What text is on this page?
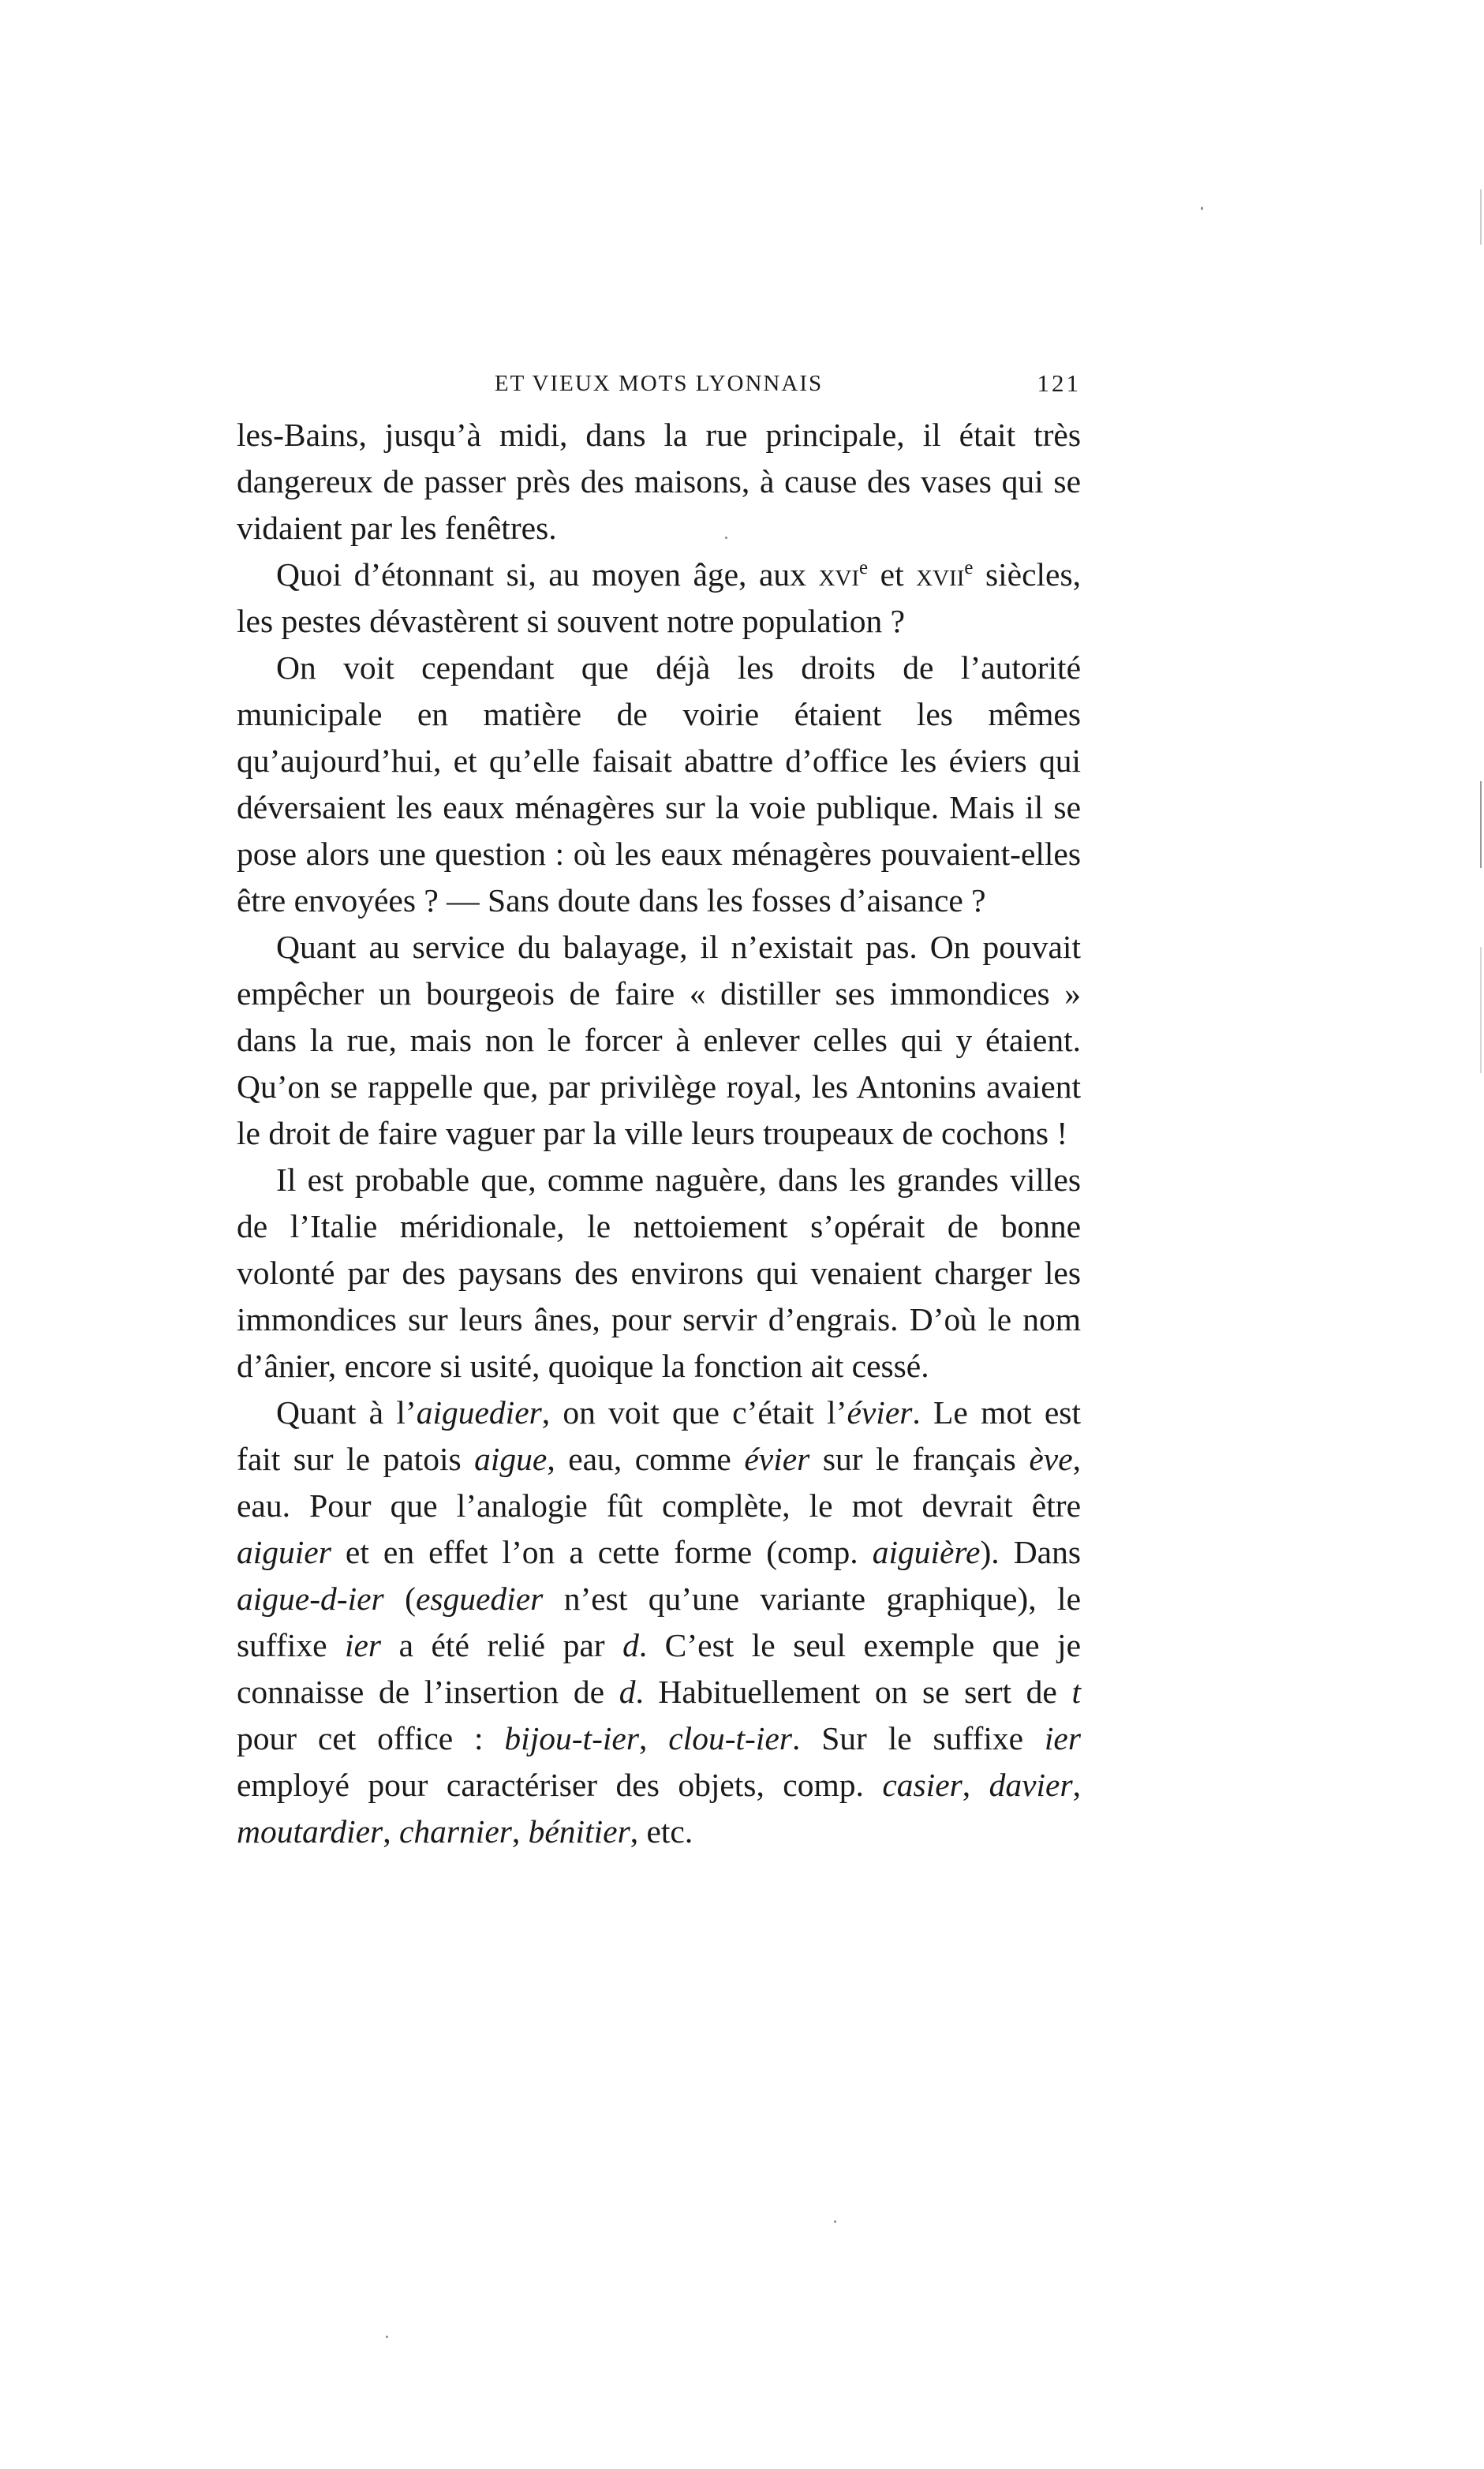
ET VIEUX MOTS LYONNAIS	121

les-Bains, jusqu’à midi, dans la rue principale, il était très dangereux de passer près des maisons, à cause des vases qui se vidaient par les fenêtres.

Quoi d’étonnant si, au moyen âge, aux xvi$^e$ et xvii$^e$ siècles, les pestes dévastèrent si souvent notre population ?

On voit cependant que déjà les droits de l’autorité municipale en matière de voirie étaient les mêmes qu’aujourd’hui, et qu’elle faisait abattre d’office les éviers qui déversaient les eaux ménagères sur la voie publique. Mais il se pose alors une question : où les eaux ménagères pouvaient-elles être envoyées ? — Sans doute dans les fosses d’aisance ?

Quant au service du balayage, il n’existait pas. On pouvait empêcher un bourgeois de faire « distiller ses immondices » dans la rue, mais non le forcer à enlever celles qui y étaient. Qu’on se rappelle que, par privilège royal, les Antonins avaient le droit de faire vaguer par la ville leurs troupeaux de cochons !

Il est probable que, comme naguère, dans les grandes villes de l’Italie méridionale, le nettoiement s’opérait de bonne volonté par des paysans des environs qui venaient charger les immondices sur leurs ânes, pour servir d’engrais. D’où le nom d’ânier, encore si usité, quoique la fonction ait cessé.

Quant à l’aiguedier, on voit que c’était l’évier. Le mot est fait sur le patois aigue, eau, comme évier sur le français ève, eau. Pour que l’analogie fût complète, le mot devrait être aiguier et en effet l’on a cette forme (comp. aiguière). Dans aigue-d-ier (esguedier n’est qu’une variante graphique), le suffixe ier a été relié par d. C’est le seul exemple que je connaisse de l’insertion de d. Habituellement on se sert de t pour cet office : bijou-t-ier, clou-t-ier. Sur le suffixe ier employé pour caractériser des objets, comp. casier, davier, moutardier, charnier, bénitier, etc.
